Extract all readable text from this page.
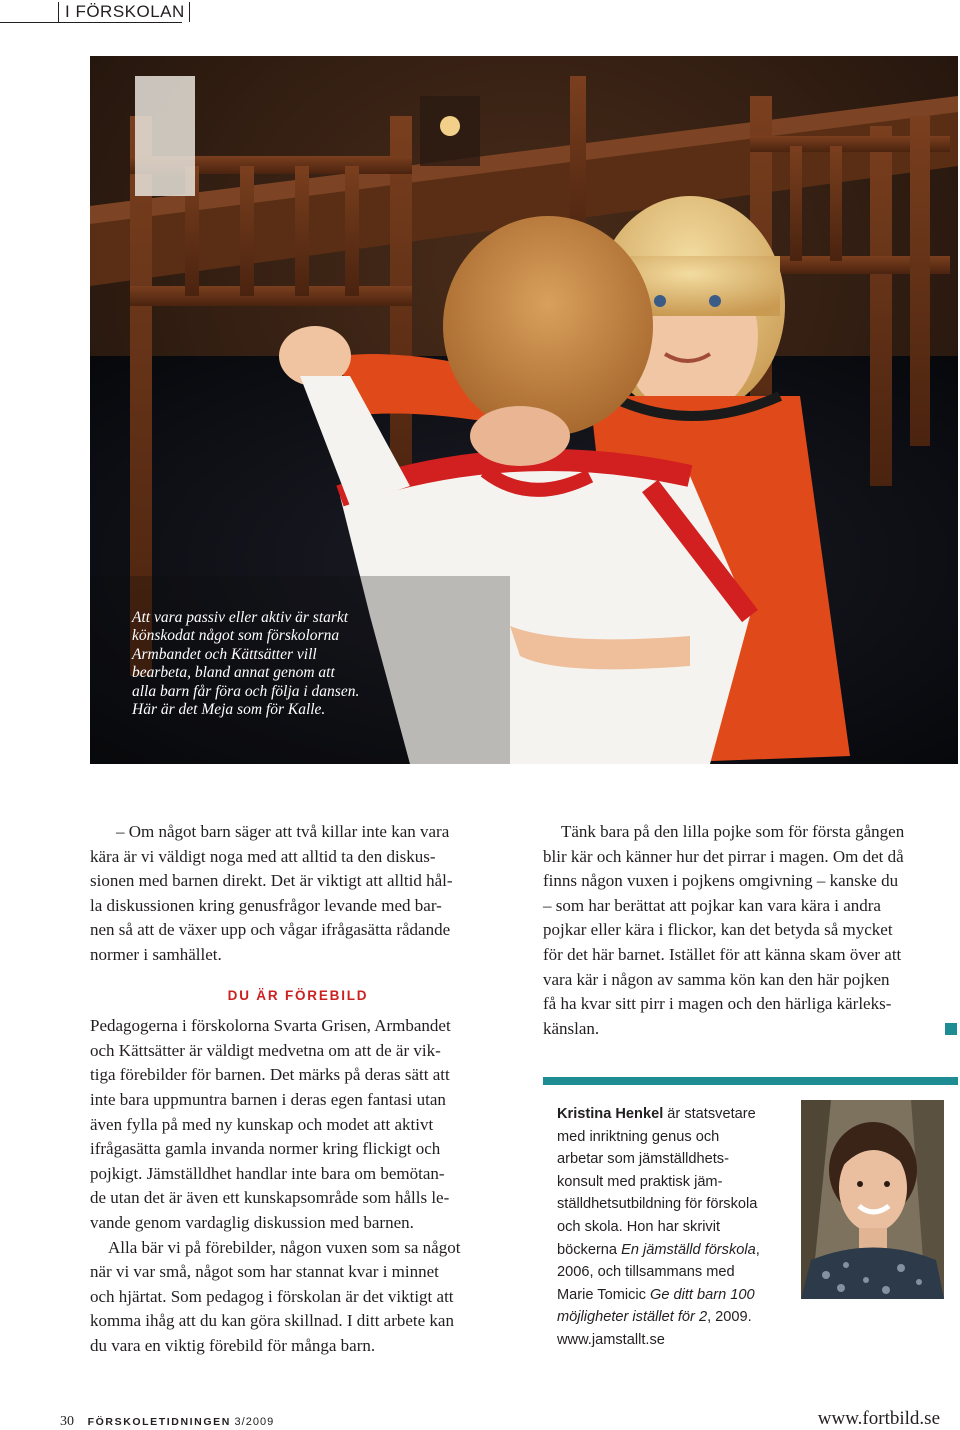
I FÖRSKOLAN
Att vara passiv eller aktiv är starkt
könskodat något som förskolorna
Armbandet och Kättsätter vill
bearbeta, bland annat genom att
alla barn får föra och följa i dansen.
Här är det Meja som för Kalle.

– Om något barn säger att två killar inte kan vara
kära är vi väldigt noga med att alltid ta den diskus-
sionen med barnen direkt. Det är viktigt att alltid hål-
la diskussionen kring genusfrågor levande med bar-
nen så att de växer upp och vågar ifrågasätta rådande
normer i samhället.

DU ÄR FÖREBILD

Pedagogerna i förskolorna Svarta Grisen, Armbandet
och Kättsätter är väldigt medvetna om att de är vik-
tiga förebilder för barnen. Det märks på deras sätt att
inte bara uppmuntra barnen i deras egen fantasi utan
även fylla på med ny kunskap och modet att aktivt
ifrågasätta gamla invanda normer kring flickigt och
pojkigt. Jämställdhet handlar inte bara om bemötan-
de utan det är även ett kunskapsområde som hålls le-
vande genom vardaglig diskussion med barnen.

Alla bär vi på förebilder, någon vuxen som sa något
när vi var små, något som har stannat kvar i minnet
och hjärtat. Som pedagog i förskolan är det viktigt att
komma ihåg att du kan göra skillnad. I ditt arbete kan
du vara en viktig förebild för många barn.

Tänk bara på den lilla pojke som för första gången
blir kär och känner hur det pirrar i magen. Om det då
finns någon vuxen i pojkens omgivning – kanske du
– som har berättat att pojkar kan vara kära i andra
pojkar eller kära i flickor, kan det betyda så mycket
för det här barnet. Istället för att känna skam över att
vara kär i någon av samma kön kan den här pojken
få ha kvar sitt pirr i magen och den härliga kärleks-
känslan.

Kristina Henkel är statsvetare
med inriktning genus och
arbetar som jämställdhets-
konsult med praktisk jäm-
ställdhetsutbildning för förskola
och skola. Hon har skrivit
böckerna En jämställd förskola,
2006, och tillsammans med
Marie Tomicic Ge ditt barn 100
möjligheter istället för 2, 2009.
www.jamstallt.se
30 FÖRSKOLETIDNINGEN 3/2009	www.fortbild.se
